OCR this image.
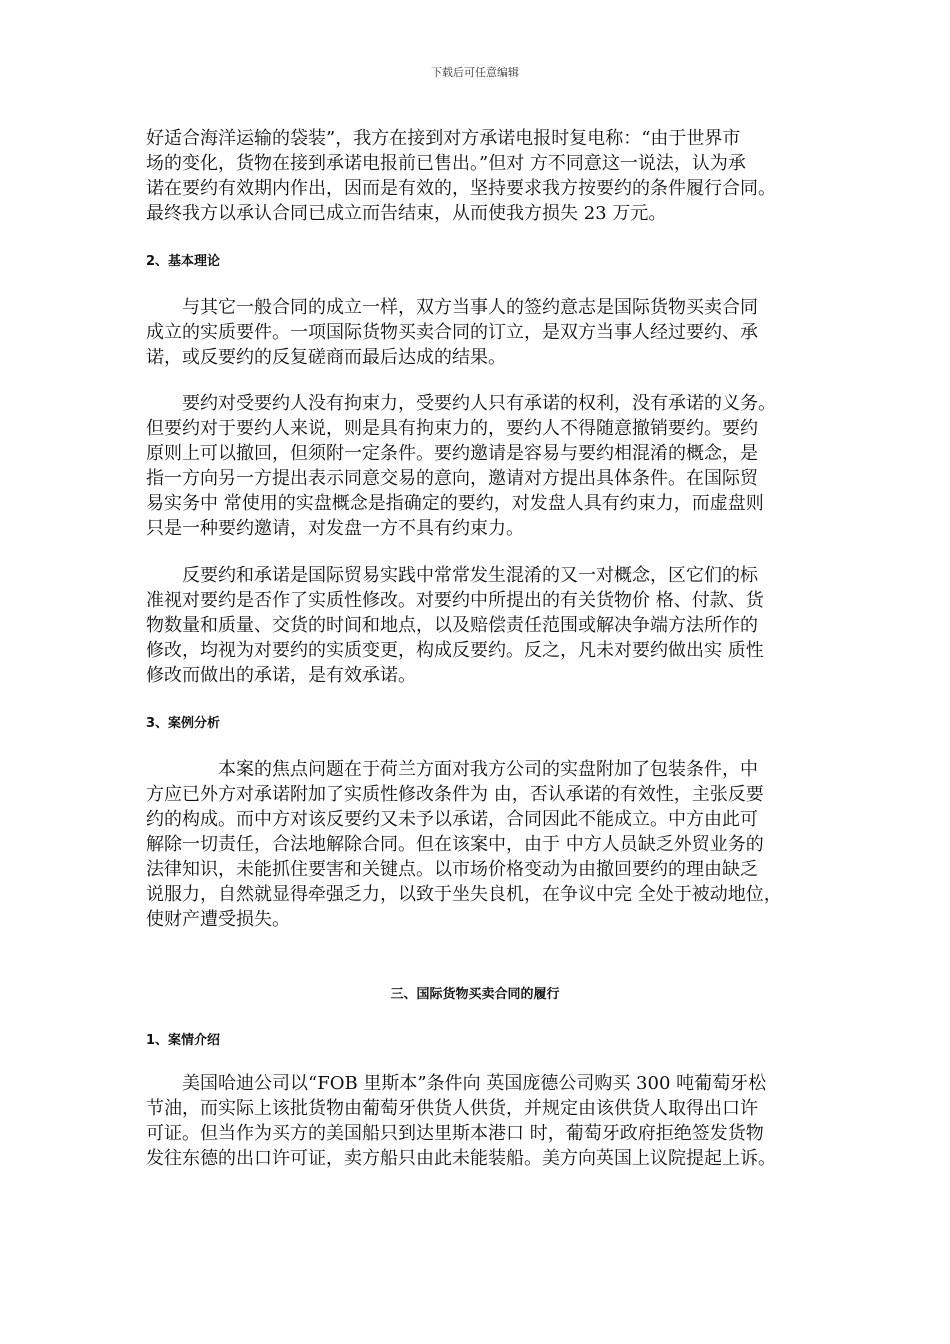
下载后可任意编辑
好适合海洋运输的袋装”，我方在接到对方承诺电报时复电称：“由于世界市
场的变化，货物在接到承诺电报前已售出。”但对 方不同意这一说法，认为承
诺在要约有效期内作出，因而是有效的，坚持要求我方按要约的条件履行合同。
最终我方以承认合同已成立而告结束，从而使我方损失 23 万元。
2、基本理论
　　与其它一般合同的成立一样，双方当事人的签约意志是国际货物买卖合同
成立的实质要件。一项国际货物买卖合同的订立，是双方当事人经过要约、承
诺，或反要约的反复磋商而最后达成的结果。
　　要约对受要约人没有拘束力，受要约人只有承诺的权利，没有承诺的义务。
但要约对于要约人来说，则是具有拘束力的，要约人不得随意撤销要约。要约
原则上可以撤回，但须附一定条件。要约邀请是容易与要约相混淆的概念，是
指一方向另一方提出表示同意交易的意向，邀请对方提出具体条件。在国际贸
易实务中 常使用的实盘概念是指确定的要约，对发盘人具有约束力，而虚盘则
只是一种要约邀请，对发盘一方不具有约束力。
　　反要约和承诺是国际贸易实践中常常发生混淆的又一对概念，区它们的标
准视对要约是否作了实质性修改。对要约中所提出的有关货物价 格、付款、货
物数量和质量、交货的时间和地点，以及赔偿责任范围或解决争端方法所作的
修改，均视为对要约的实质变更，构成反要约。反之，凡未对要约做出实 质性
修改而做出的承诺，是有效承诺。
3、案例分析
　　　　本案的焦点问题在于荷兰方面对我方公司的实盘附加了包装条件，中
方应已外方对承诺附加了实质性修改条件为 由，否认承诺的有效性，主张反要
约的构成。而中方对该反要约又未予以承诺，合同因此不能成立。中方由此可
解除一切责任，合法地解除合同。但在该案中，由于 中方人员缺乏外贸业务的
法律知识，未能抓住要害和关键点。以市场价格变动为由撤回要约的理由缺乏
说服力，自然就显得牵强乏力，以致于坐失良机，在争议中完 全处于被动地位，
使财产遭受损失。
三、国际货物买卖合同的履行
1、案情介绍
　　美国哈迪公司以“FOB 里斯本”条件向 英国庞德公司购买 300 吨葡萄牙松
节油，而实际上该批货物由葡萄牙供货人供货，并规定由该供货人取得出口许
可证。但当作为买方的美国船只到达里斯本港口 时，葡萄牙政府拒绝签发货物
发往东德的出口许可证，卖方船只由此未能装船。美方向英国上议院提起上诉。
